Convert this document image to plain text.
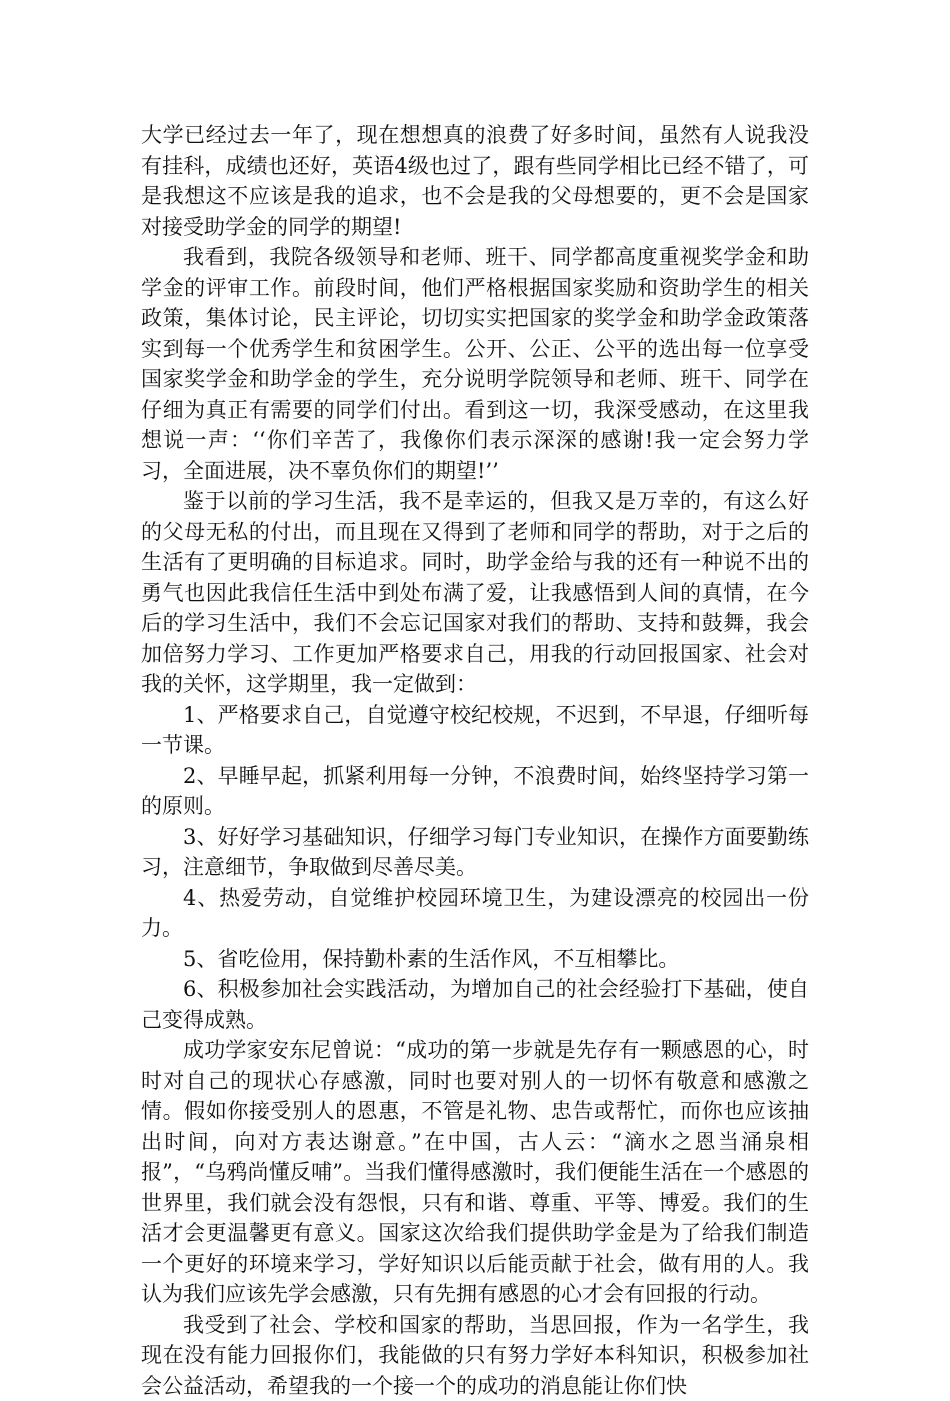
大学已经过去一年了，现在想想真的浪费了好多时间，虽然有人说我没有挂科，成绩也还好，英语4级也过了，跟有些同学相比已经不错了，可是我想这不应该是我的追求，也不会是我的父母想要的，更不会是国家对接受助学金的同学的期望!

我看到，我院各级领导和老师、班干、同学都高度重视奖学金和助学金的评审工作。前段时间，他们严格根据国家奖励和资助学生的相关政策，集体讨论，民主评论，切切实实把国家的奖学金和助学金政策落实到每一个优秀学生和贫困学生。公开、公正、公平的选出每一位享受国家奖学金和助学金的学生，充分说明学院领导和老师、班干、同学在仔细为真正有需要的同学们付出。看到这一切，我深受感动，在这里我想说一声：‘‘你们辛苦了，我像你们表示深深的感谢!我一定会努力学习，全面进展，决不辜负你们的期望!’’

鉴于以前的学习生活，我不是幸运的，但我又是万幸的，有这么好的父母无私的付出，而且现在又得到了老师和同学的帮助，对于之后的生活有了更明确的目标追求。同时，助学金给与我的还有一种说不出的勇气也因此我信任生活中到处布满了爱，让我感悟到人间的真情，在今后的学习生活中，我们不会忘记国家对我们的帮助、支持和鼓舞，我会加倍努力学习、工作更加严格要求自己，用我的行动回报国家、社会对我的关怀，这学期里，我一定做到：

1、严格要求自己，自觉遵守校纪校规，不迟到，不早退，仔细听每一节课。

2、早睡早起，抓紧利用每一分钟，不浪费时间，始终坚持学习第一的原则。

3、好好学习基础知识，仔细学习每门专业知识，在操作方面要勤练习，注意细节，争取做到尽善尽美。

4、热爱劳动，自觉维护校园环境卫生，为建设漂亮的校园出一份力。

5、省吃俭用，保持勤朴素的生活作风，不互相攀比。

6、积极参加社会实践活动，为增加自己的社会经验打下基础，使自己变得成熟。

成功学家安东尼曾说：“成功的第一步就是先存有一颗感恩的心，时时对自己的现状心存感激，同时也要对别人的一切怀有敬意和感激之情。假如你接受别人的恩惠，不管是礼物、忠告或帮忙，而你也应该抽出时间，向对方表达谢意。”在中国，古人云：“滴水之恩当涌泉相报”，“乌鸦尚懂反哺”。当我们懂得感激时，我们便能生活在一个感恩的世界里，我们就会没有怨恨，只有和谐、尊重、平等、博爱。我们的生活才会更温馨更有意义。国家这次给我们提供助学金是为了给我们制造一个更好的环境来学习，学好知识以后能贡献于社会，做有用的人。我认为我们应该先学会感激，只有先拥有感恩的心才会有回报的行动。

我受到了社会、学校和国家的帮助，当思回报，作为一名学生，我现在没有能力回报你们，我能做的只有努力学好本科知识，积极参加社会公益活动，希望我的一个接一个的成功的消息能让你们快
